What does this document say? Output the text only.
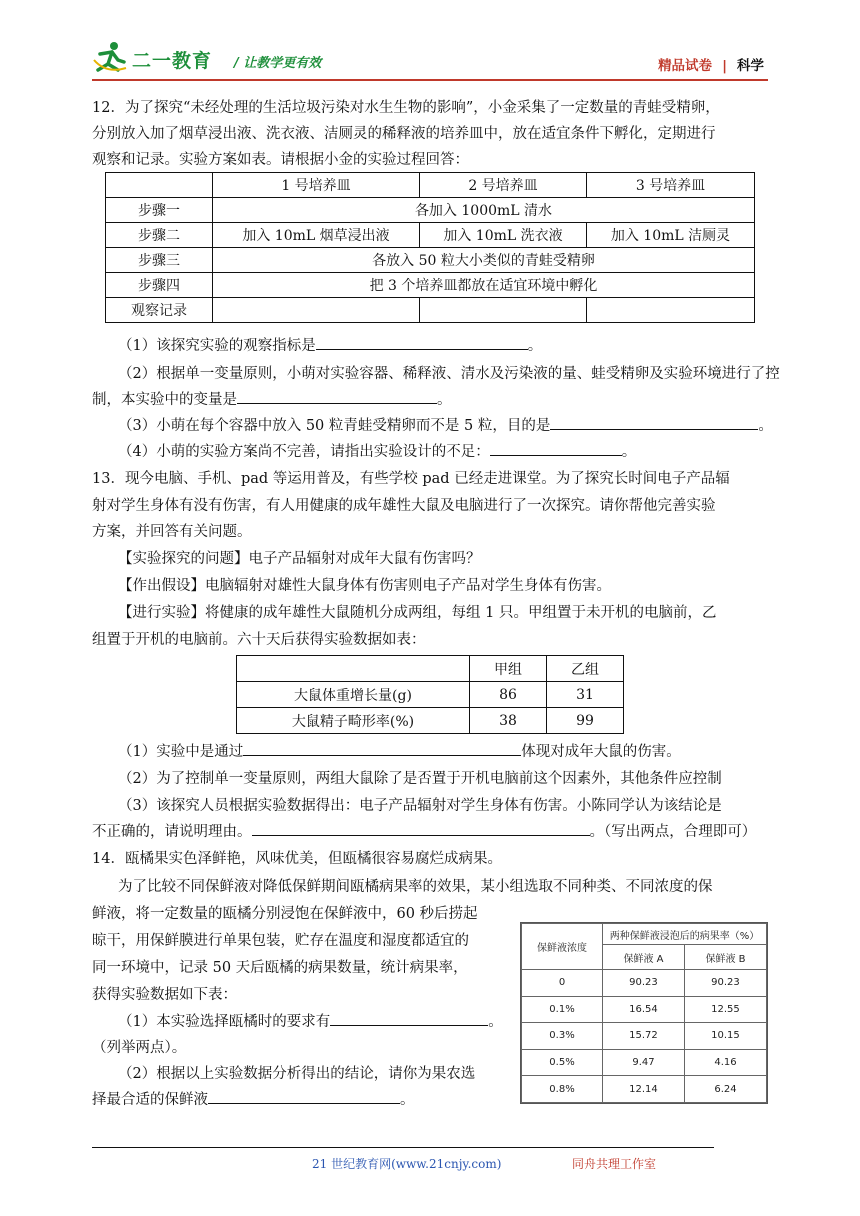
二一教育 / 让教学更有效	精品试卷 | 科学
12．为了探究“未经处理的生活垃圾污染对水生生物的影响”，小金采集了一定数量的青蛙受精卵，
分别放入加了烟草浸出液、洗衣液、洁厕灵的稀释液的培养皿中，放在适宜条件下孵化，定期进行
观察和记录。实验方案如表。请根据小金的实验过程回答：
	1 号培养皿	2 号培养皿	3 号培养皿
步骤一	各加入 1000mL 清水		
步骤二	加入 10mL 烟草浸出液	加入 10mL 洗衣液	加入 10mL 洁厕灵
步骤三	各放入 50 粒大小类似的青蛙受精卵		
步骤四	把 3 个培养皿都放在适宜环境中孵化		
观察记录			
（1）该探究实验的观察指标是	。
（2）根据单一变量原则，小萌对实验容器、稀释液、清水及污染液的量、蛙受精卵及实验环境进行了控
制，本实验中的变量是	。
（3）小萌在每个容器中放入 50 粒青蛙受精卵而不是 5 粒，目的是	。
（4）小萌的实验方案尚不完善，请指出实验设计的不足：	。
13．现今电脑、手机、pad 等运用普及，有些学校 pad 已经走进课堂。为了探究长时间电子产品辐
射对学生身体有没有伤害，有人用健康的成年雄性大鼠及电脑进行了一次探究。请你帮他完善实验
方案，并回答有关问题。
【实验探究的问题】电子产品辐射对成年大鼠有伤害吗？
【作出假设】电脑辐射对雄性大鼠身体有伤害则电子产品对学生身体有伤害。
【进行实验】将健康的成年雄性大鼠随机分成两组，每组 1 只。甲组置于未开机的电脑前，乙
组置于开机的电脑前。六十天后获得实验数据如表：
	甲组	乙组
大鼠体重增长量(g)	86	31
大鼠精子畸形率(%)	38	99
（1）实验中是通过	体现对成年大鼠的伤害。
（2）为了控制单一变量原则，两组大鼠除了是否置于开机电脑前这个因素外，其他条件应控制
（3）该探究人员根据实验数据得出：电子产品辐射对学生身体有伤害。小陈同学认为该结论是
不正确的，请说明理由。	。（写出两点，合理即可）
14．瓯橘果实色泽鲜艳，风味优美，但瓯橘很容易腐烂成病果。
为了比较不同保鲜液对降低保鲜期间瓯橘病果率的效果，某小组选取不同种类、不同浓度的保
鲜液，将一定数量的瓯橘分别浸饱在保鲜液中，60 秒后捞起
晾干，用保鲜膜进行单果包装，贮存在温度和湿度都适宜的
同一环境中，记录 50 天后瓯橘的病果数量，统计病果率，
获得实验数据如下表：
（1）本实验选择瓯橘时的要求有	。
（列举两点）。
（2）根据以上实验数据分析得出的结论，请你为果农选
择最合适的保鲜液	。
保鲜液浓度	两种保鲜液浸泡后的病果率（%）	
	保鲜液 A	保鲜液 B
0	90.23	90.23
0.1%	16.54	12.55
0.3%	15.72	10.15
0.5%	9.47	4.16
0.8%	12.14	6.24
21 世纪教育网(www.21cnjy.com)	同舟共理工作室
